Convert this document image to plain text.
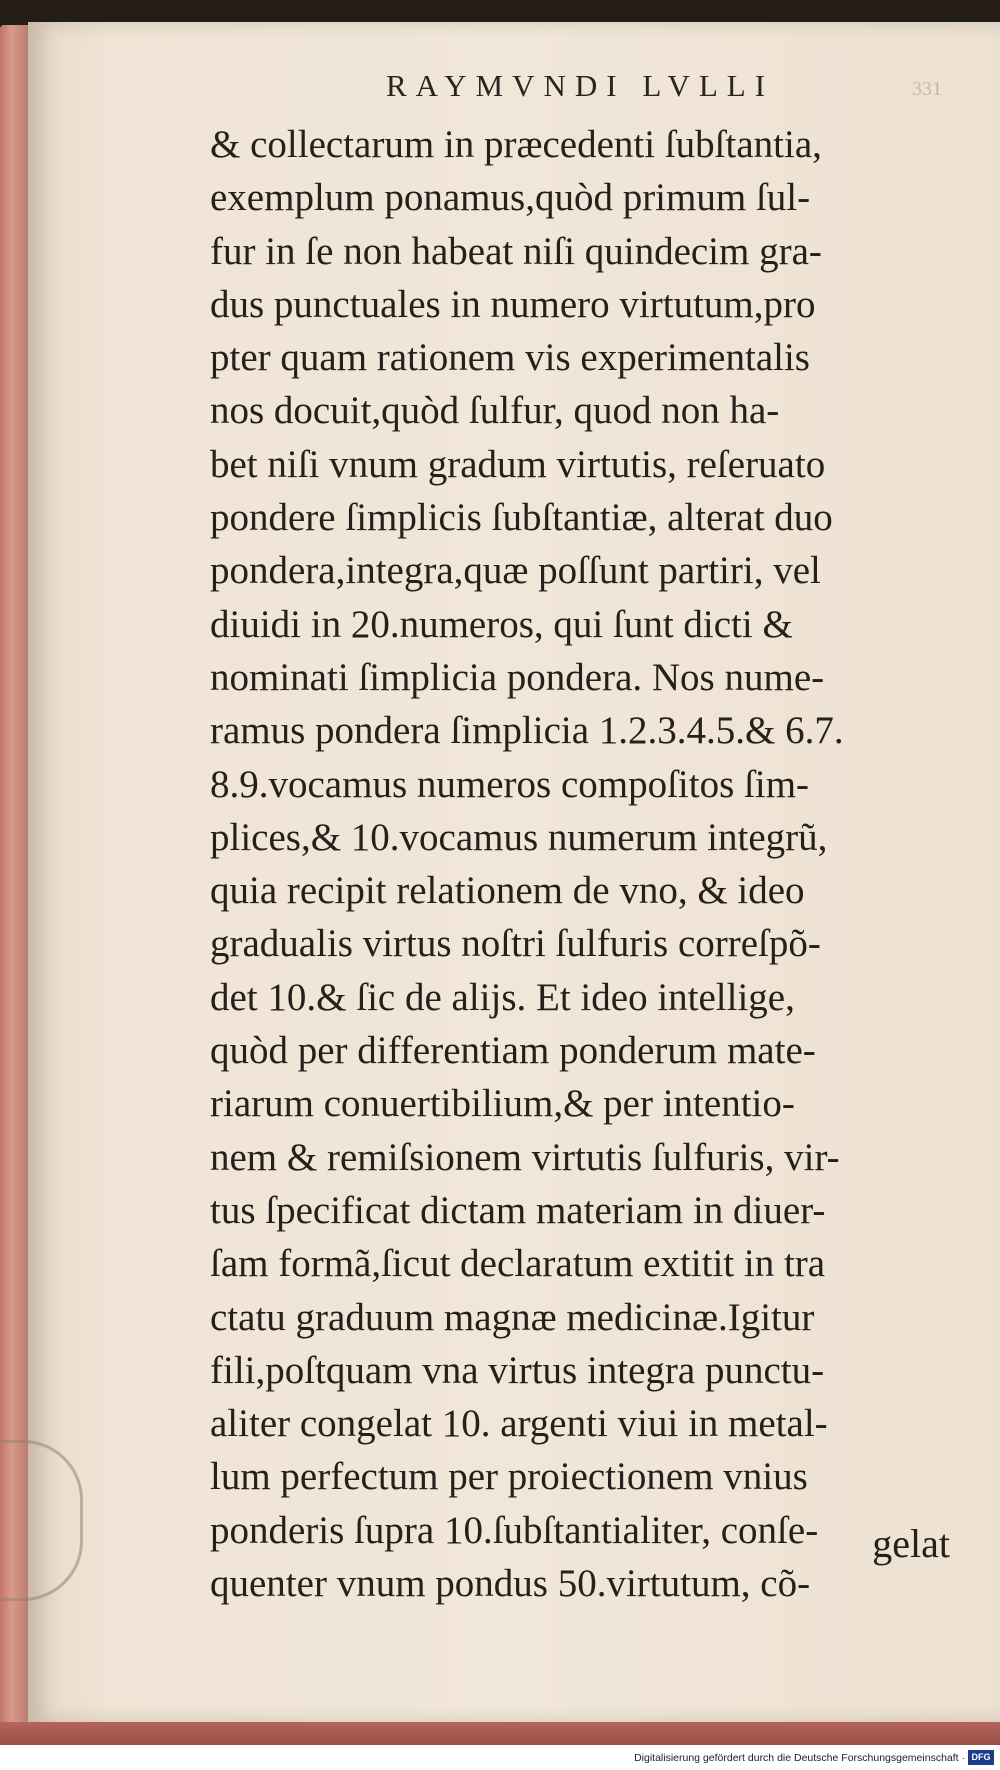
RAYMVNDI LVLLI	331
& collectarum in præcedenti ſubſtantia,
exemplum ponamus,quòd primum ſul-
fur in ſe non habeat niſi quindecim gra-
dus punctuales in numero virtutum,pro
pter quam rationem vis experimentalis
nos docuit,quòd ſulfur, quod non ha-
bet niſi vnum gradum virtutis, reſeruato
pondere ſimplicis ſubſtantiæ, alterat duo
pondera,integra,quæ poſſunt partiri, vel
diuidi in 20.numeros, qui ſunt dicti &
nominati ſimplicia pondera. Nos nume-
ramus pondera ſimplicia 1.2.3.4.5.& 6.7.
8.9.vocamus numeros compoſitos ſim-
plices,& 10.vocamus numerum integrũ,
quia recipit relationem de vno, & ideo
gradualis virtus noſtri ſulfuris correſpõ-
det 10.& ſic de alijs. Et ideo intellige,
quòd per differentiam ponderum mate-
riarum conuertibilium,& per intentio-
nem & remiſsionem virtutis ſulfuris, vir-
tus ſpecificat dictam materiam in diuer-
ſam formã,ſicut declaratum extitit in tra
ctatu graduum magnæ medicinæ.Igitur
fili,poſtquam vna virtus integra punctu-
aliter congelat 10. argenti viui in metal-
lum perfectum per proiectionem vnius
ponderis ſupra 10.ſubſtantialiter, conſe-
quenter vnum pondus 50.virtutum, cõ-
gelat
Digitalisierung gefördert durch die Deutsche Forschungsgemeinschaft · DFG
